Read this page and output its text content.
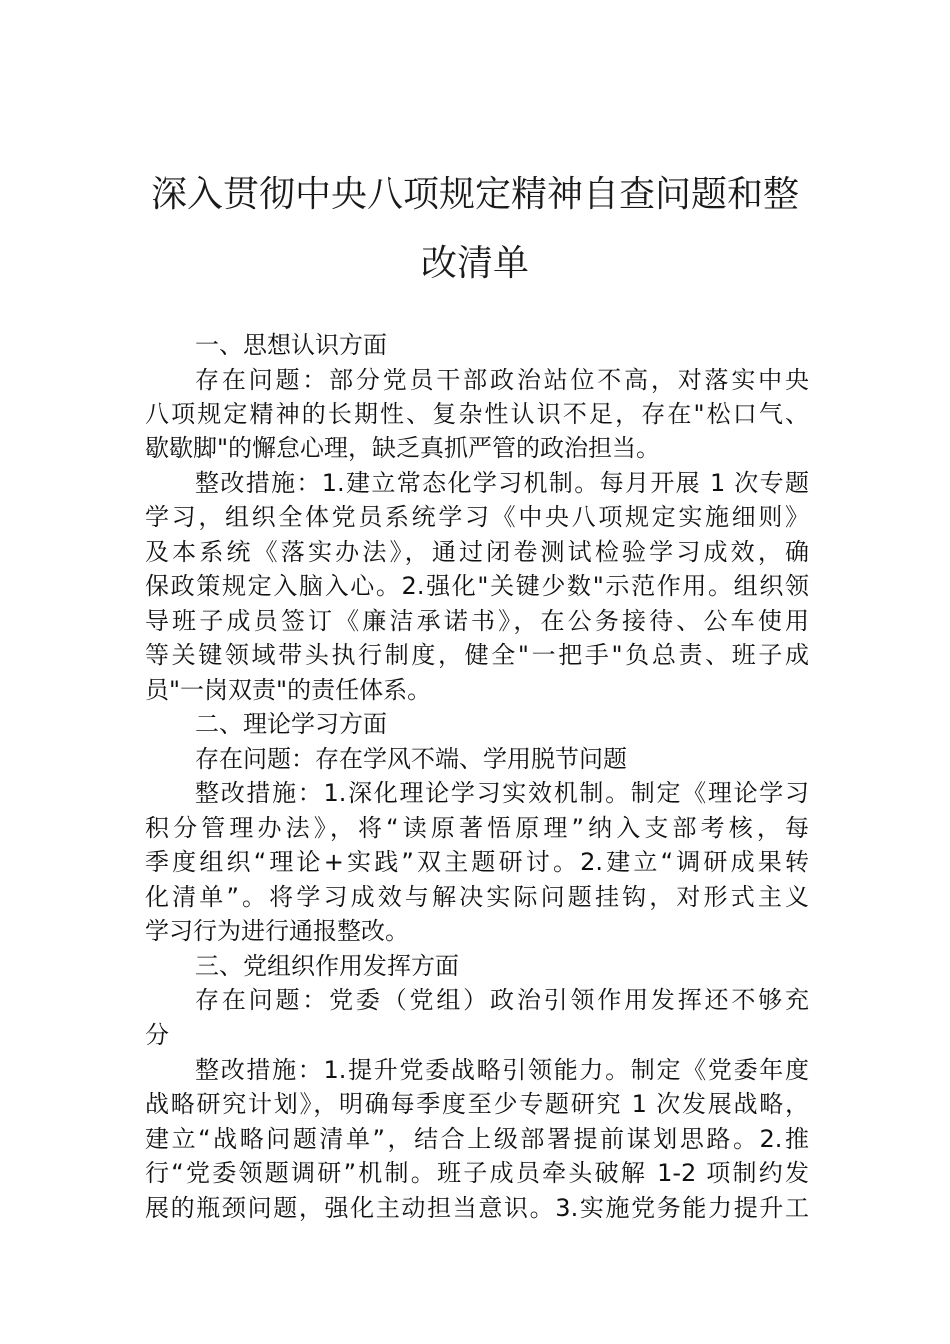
深入贯彻中央八项规定精神自查问题和整
改清单
一、思想认识方面
存在问题：部分党员干部政治站位不高，对落实中央
八项规定精神的长期性、复杂性认识不足，存在"松口气、
歇歇脚"的懈怠心理，缺乏真抓严管的政治担当。
整改措施：1.建立常态化学习机制。每月开展 1 次专题
学习，组织全体党员系统学习《中央八项规定实施细则》
及本系统《落实办法》，通过闭卷测试检验学习成效，确
保政策规定入脑入心。2.强化"关键少数"示范作用。组织领
导班子成员签订《廉洁承诺书》，在公务接待、公车使用
等关键领域带头执行制度，健全"一把手"负总责、班子成
员"一岗双责"的责任体系。
二、理论学习方面
存在问题：存在学风不端、学用脱节问题
整改措施：1.深化理论学习实效机制。制定《理论学习
积分管理办法》，将“读原著悟原理”纳入支部考核，每
季度组织“理论+实践”双主题研讨。2.建立“调研成果转
化清单”。将学习成效与解决实际问题挂钩，对形式主义
学习行为进行通报整改。
三、党组织作用发挥方面
存在问题：党委（党组）政治引领作用发挥还不够充
分
整改措施：1.提升党委战略引领能力。制定《党委年度
战略研究计划》，明确每季度至少专题研究 1 次发展战略，
建立“战略问题清单”，结合上级部署提前谋划思路。2.推
行“党委领题调研”机制。班子成员牵头破解 1-2 项制约发
展的瓶颈问题，强化主动担当意识。3.实施党务能力提升工
